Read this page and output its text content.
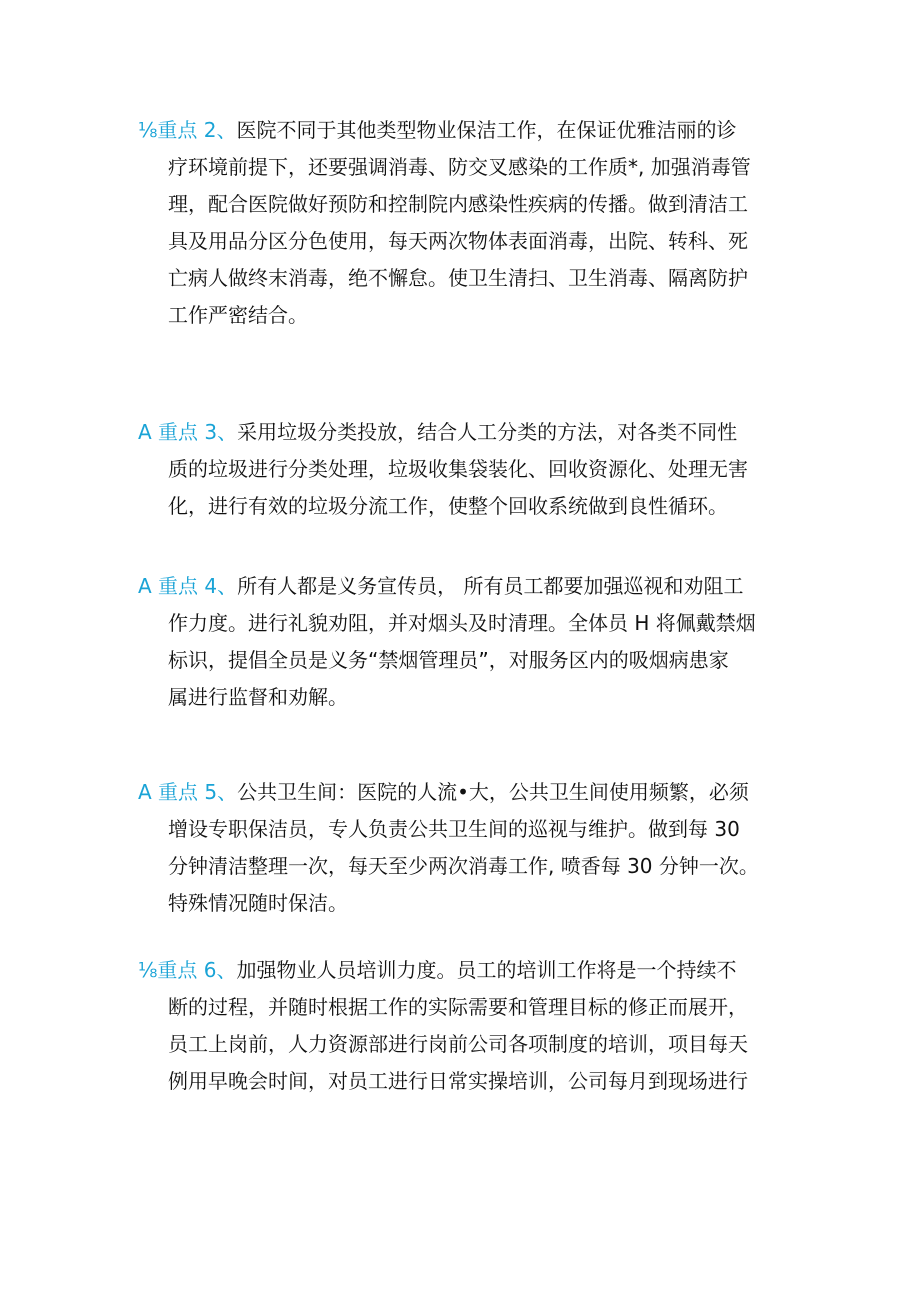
⅛重点 2、医院不同于其他类型物业保洁工作，在保证优雅洁丽的诊
疗环境前提下，还要强调消毒、防交叉感染的工作质*, 加强消毒管
理，配合医院做好预防和控制院内感染性疾病的传播。做到清洁工
具及用品分区分色使用，每天两次物体表面消毒，出院、转科、死
亡病人做终末消毒，绝不懈怠。使卫生清扫、卫生消毒、隔离防护
工作严密结合。
A 重点 3、采用垃圾分类投放，结合人工分类的方法，对各类不同性
质的垃圾进行分类处理，垃圾收集袋装化、回收资源化、处理无害
化，进行有效的垃圾分流工作，使整个回收系统做到良性循环。
A 重点 4、所有人都是义务宣传员， 所有员工都要加强巡视和劝阻工
作力度。进行礼貌劝阻，并对烟头及时清理。全体员 H 将佩戴禁烟
标识，提倡全员是义务“禁烟管理员”，对服务区内的吸烟病患家
属进行监督和劝解。
A 重点 5、公共卫生间：医院的人流•大，公共卫生间使用频繁，必须
增设专职保洁员，专人负责公共卫生间的巡视与维护。做到每 30
分钟清洁整理一次，每天至少两次消毒工作, 喷香每 30 分钟一次。
特殊情况随时保洁。
⅛重点 6、加强物业人员培训力度。员工的培训工作将是一个持续不
断的过程，并随时根据工作的实际需要和管理目标的修正而展开，
员工上岗前，人力资源部进行岗前公司各项制度的培训，项目每天
例用早晚会时间，对员工进行日常实操培训，公司每月到现场进行
